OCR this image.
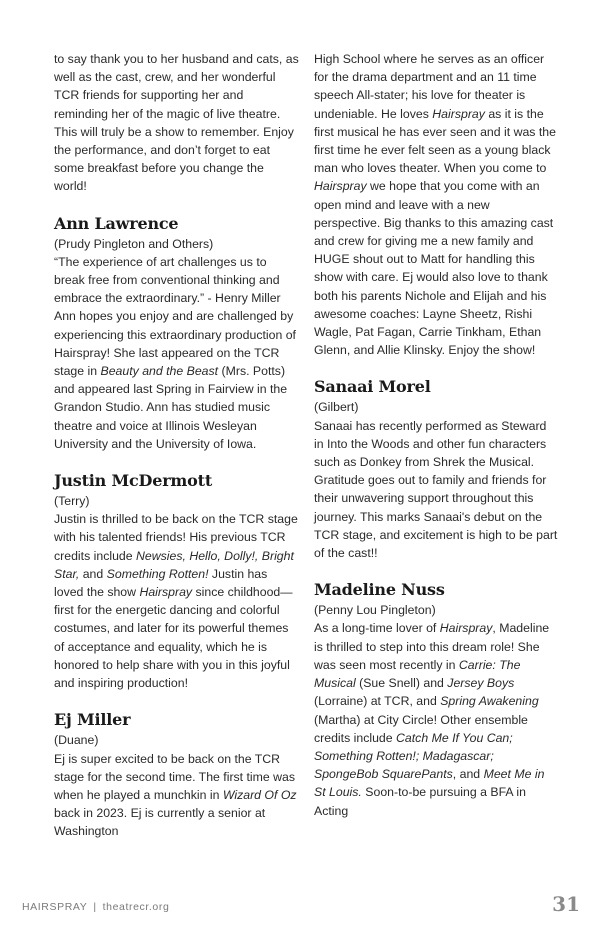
to say thank you to her husband and cats, as well as the cast, crew, and her wonderful TCR friends for supporting her and reminding her of the magic of live theatre. This will truly be a show to remember. Enjoy the performance, and don’t forget to eat some breakfast before you change the world!

Ann Lawrence

(Prudy Pingleton and Others)

“The experience of art challenges us to break free from conventional thinking and embrace the extraordinary.” - Henry Miller Ann hopes you enjoy and are challenged by experiencing this extraordinary production of Hairspray! She last appeared on the TCR stage in Beauty and the Beast (Mrs. Potts) and appeared last Spring in Fairview in the Grandon Studio. Ann has studied music theatre and voice at Illinois Wesleyan University and the University of Iowa.

Justin McDermott

(Terry)

Justin is thrilled to be back on the TCR stage with his talented friends! His previous TCR credits include Newsies, Hello, Dolly!, Bright Star, and Something Rotten! Justin has loved the show Hairspray since childhood—first for the energetic dancing and colorful costumes, and later for its powerful themes of acceptance and equality, which he is honored to help share with you in this joyful and inspiring production!

Ej Miller

(Duane)

Ej is super excited to be back on the TCR stage for the second time. The first time was when he played a munchkin in Wizard Of Oz back in 2023. Ej is currently a senior at Washington

High School where he serves as an officer for the drama department and an 11 time speech All-stater; his love for theater is undeniable. He loves Hairspray as it is the first musical he has ever seen and it was the first time he ever felt seen as a young black man who loves theater. When you come to Hairspray we hope that you come with an open mind and leave with a new perspective. Big thanks to this amazing cast and crew for giving me a new family and HUGE shout out to Matt for handling this show with care. Ej would also love to thank both his parents Nichole and Elijah and his awesome coaches: Layne Sheetz, Rishi Wagle, Pat Fagan, Carrie Tinkham, Ethan Glenn, and Allie Klinsky. Enjoy the show!

Sanaai Morel

(Gilbert)

Sanaai has recently performed as Steward in Into the Woods and other fun characters such as Donkey from Shrek the Musical. Gratitude goes out to family and friends for their unwavering support throughout this journey. This marks Sanaai's debut on the TCR stage, and excitement is high to be part of the cast!!

Madeline Nuss

(Penny Lou Pingleton)

As a long-time lover of Hairspray, Madeline is thrilled to step into this dream role! She was seen most recently in Carrie: The Musical (Sue Snell) and Jersey Boys (Lorraine) at TCR, and Spring Awakening (Martha) at City Circle! Other ensemble credits include Catch Me If You Can; Something Rotten!; Madagascar; SpongeBob SquarePants, and Meet Me in St Louis. Soon-to-be pursuing a BFA in Acting

HAIRSPRAY | theatrecr.org	31
